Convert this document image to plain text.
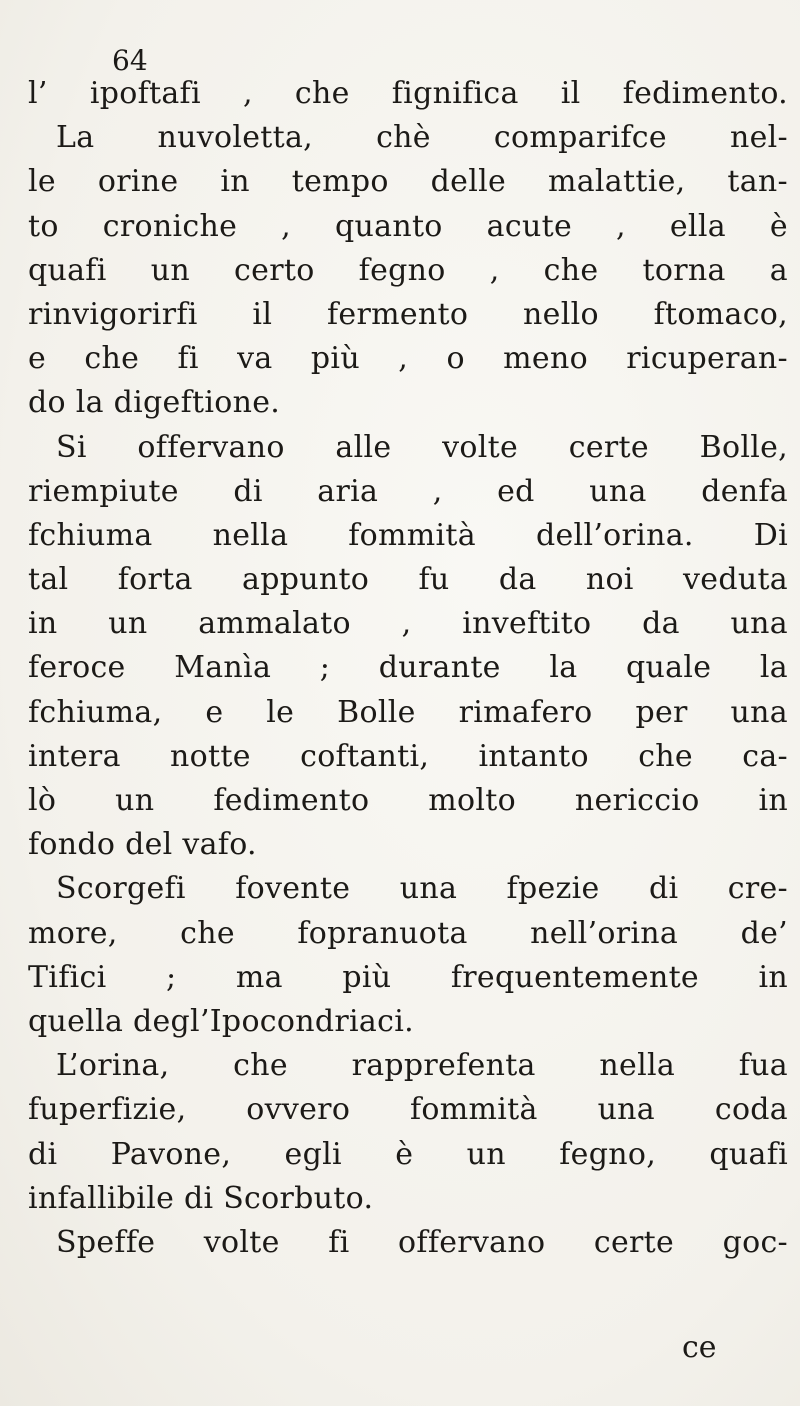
64
l’ ipoftafi , che fignifica il fedimento.
La nuvoletta, chè comparifce nel-
le orine in tempo delle malattie, tan-
to croniche , quanto acute , ella è
quafi un certo fegno , che torna a
rinvigorirfi il fermento nello ftomaco,
e che fi va più , o meno ricuperan-
do la digeftione.
Si offervano alle volte certe Bolle,
riempiute di aria , ed una denfa
fchiuma nella fommità dell’orina. Di
tal forta appunto fu da noi veduta
in un ammalato , inveftito da una
feroce Manìa ; durante la quale la
fchiuma, e le Bolle rimafero per una
intera notte coftanti, intanto che ca-
lò un fedimento molto nericcio in
fondo del vafo.
Scorgefi fovente una fpezie di cre-
more, che fopranuota nell’orina de’
Tifici ; ma più frequentemente in
quella degl’Ipocondriaci.
L’orina, che rapprefenta nella fua
fuperfizie, ovvero fommità una coda
di Pavone, egli è un fegno, quafi
infallibile di Scorbuto.
Speffe volte fi offervano certe goc-
ce
